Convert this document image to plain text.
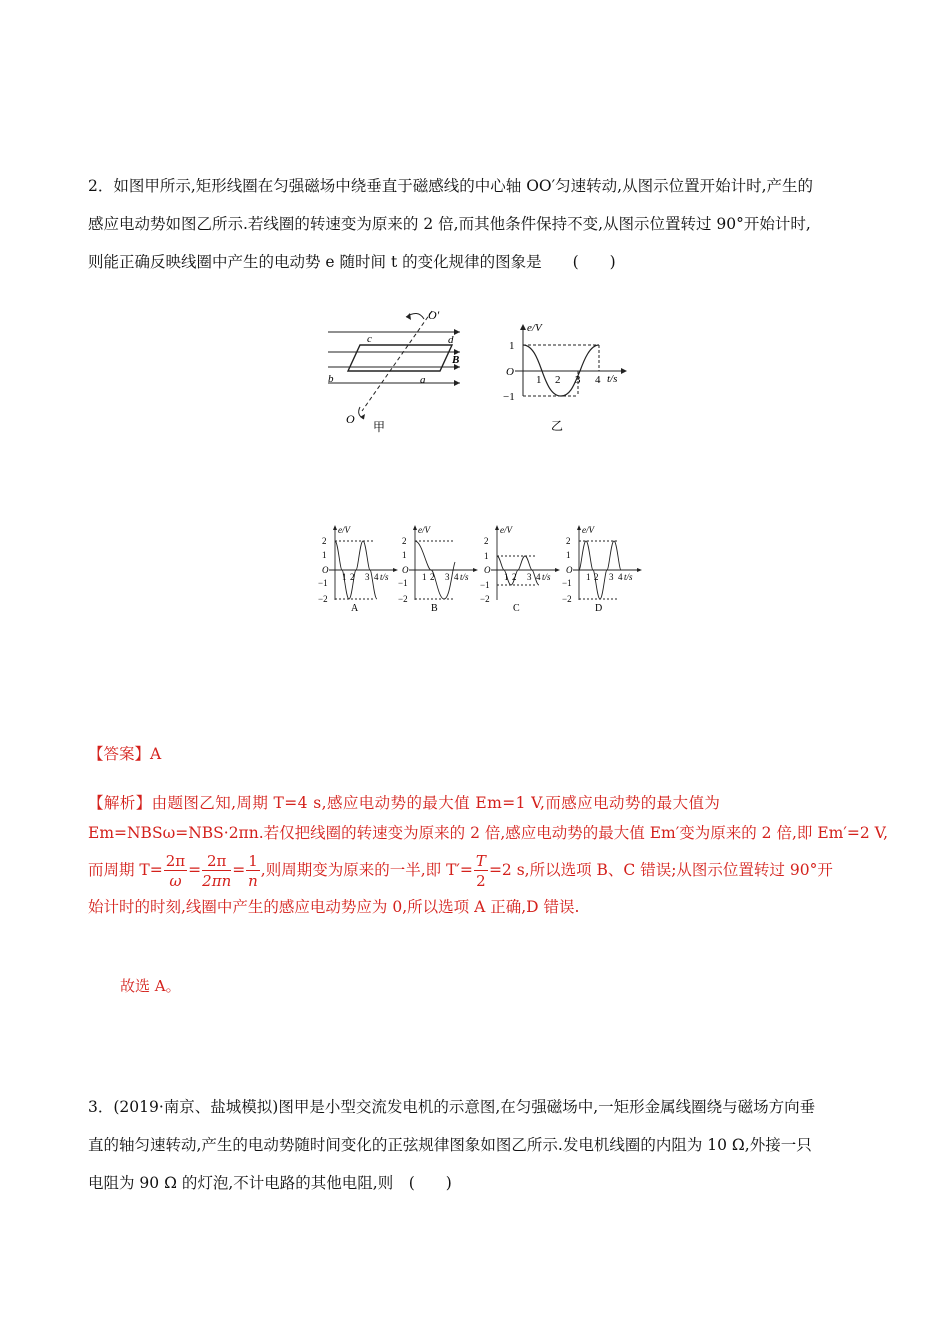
2．如图甲所示,矩形线圈在匀强磁场中绕垂直于磁感线的中心轴 OO′匀速转动,从图示位置开始计时,产生的
感应电动势如图乙所示.若线圈的转速变为原来的 2 倍,而其他条件保持不变,从图示位置转过 90°开始计时,
则能正确反映线圈中产生的电动势 e 随时间 t 的变化规律的图象是　　(　　)
O′
O
c	d
B
b	a
甲
e/V
t/s
O
1
−1
1 2 3 4
乙
e/V
2
1
O
−1
−2
1 2 3 4 t/s
A
e/V
2
1
O
−1
−2
1 2 3 4 t/s
B
e/V
2
1
O
−1
−2
1 2 3 4 t/s
C
e/V
2
1
O
−1
−2
1 2 3 4 t/s
D
【答案】A
【解析】由题图乙知,周期 T=4 s,感应电动势的最大值 Em=1 V,而感应电动势的最大值为
Em=NBSω=NBS·2πn.若仅把线圈的转速变为原来的 2 倍,感应电动势的最大值 Em′变为原来的 2 倍,即 Em′=2 V,
而周期 $T= \frac{2\pi}{\omega} = \frac{2\pi}{2\pi n} = \frac{1}{n}$ ,则周期变为原来的一半,即 $T'= \frac{T}{2} =2$ s,所以选项 B、C 错误;从图示位置转过 90°开
始计时的时刻,线圈中产生的感应电动势应为 0,所以选项 A 正确,D 错误.
故选 A。
3．(2019·南京、盐城模拟)图甲是小型交流发电机的示意图,在匀强磁场中,一矩形金属线圈绕与磁场方向垂
直的轴匀速转动,产生的电动势随时间变化的正弦规律图象如图乙所示.发电机线圈的内阻为 10 Ω,外接一只
电阻为 90 Ω 的灯泡,不计电路的其他电阻,则　(　　)
